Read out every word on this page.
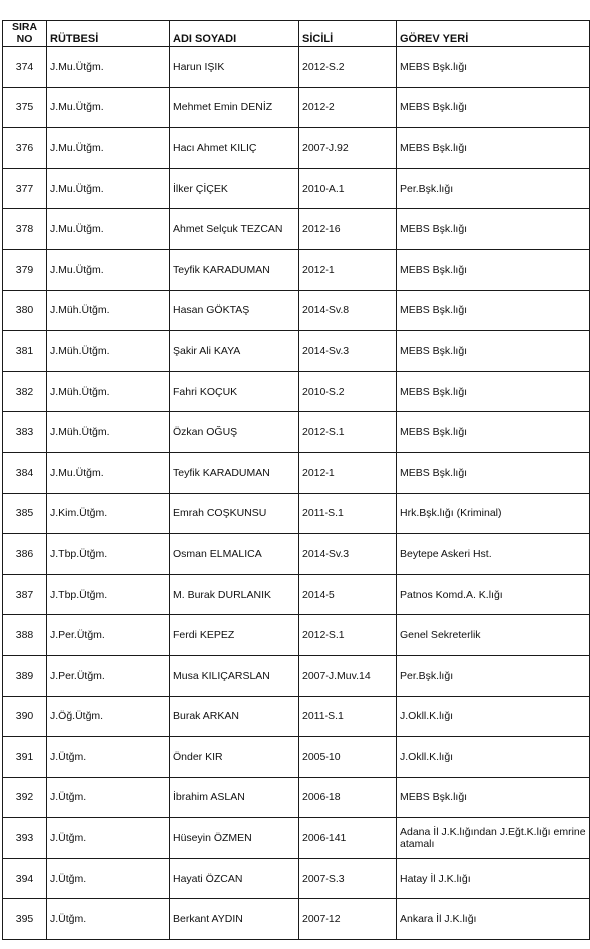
SIRA NO	RÜTBESİ	ADI SOYADI	SİCİLİ	GÖREV YERİ
374	J.Mu.Ütğm.	Harun IŞIK	2012-S.2	MEBS Bşk.lığı
375	J.Mu.Ütğm.	Mehmet Emin DENİZ	2012-2	MEBS Bşk.lığı
376	J.Mu.Ütğm.	Hacı Ahmet KILIÇ	2007-J.92	MEBS Bşk.lığı
377	J.Mu.Ütğm.	İlker ÇİÇEK	2010-A.1	Per.Bşk.lığı
378	J.Mu.Ütğm.	Ahmet Selçuk TEZCAN	2012-16	MEBS Bşk.lığı
379	J.Mu.Ütğm.	Teyfik KARADUMAN	2012-1	MEBS Bşk.lığı
380	J.Müh.Ütğm.	Hasan GÖKTAŞ	2014-Sv.8	MEBS Bşk.lığı
381	J.Müh.Ütğm.	Şakir Ali KAYA	2014-Sv.3	MEBS Bşk.lığı
382	J.Müh.Ütğm.	Fahri KOÇUK	2010-S.2	MEBS Bşk.lığı
383	J.Müh.Ütğm.	Özkan OĞUŞ	2012-S.1	MEBS Bşk.lığı
384	J.Mu.Ütğm.	Teyfik KARADUMAN	2012-1	MEBS Bşk.lığı
385	J.Kim.Ütğm.	Emrah COŞKUNSU	2011-S.1	Hrk.Bşk.lığı (Kriminal)
386	J.Tbp.Ütğm.	Osman ELMALICA	2014-Sv.3	Beytepe Askeri Hst.
387	J.Tbp.Ütğm.	M. Burak DURLANIK	2014-5	Patnos Komd.A. K.lığı
388	J.Per.Ütğm.	Ferdi KEPEZ	2012-S.1	Genel Sekreterlik
389	J.Per.Ütğm.	Musa KILIÇARSLAN	2007-J.Muv.14	Per.Bşk.lığı
390	J.Öğ.Ütğm.	Burak ARKAN	2011-S.1	J.Okll.K.lığı
391	J.Ütğm.	Önder KIR	2005-10	J.Okll.K.lığı
392	J.Ütğm.	İbrahim ASLAN	2006-18	MEBS Bşk.lığı
393	J.Ütğm.	Hüseyin ÖZMEN	2006-141	Adana İl J.K.lığından J.Eğt.K.lığı emrine atamalı
394	J.Ütğm.	Hayati ÖZCAN	2007-S.3	Hatay İl J.K.lığı
395	J.Ütğm.	Berkant AYDIN	2007-12	Ankara İl J.K.lığı
